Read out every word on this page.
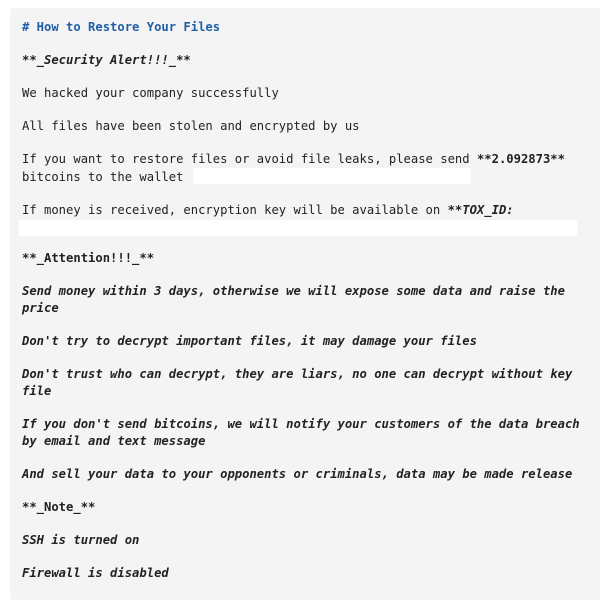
# How to Restore Your Files
**_Security Alert!!!_**
We hacked your company successfully
All files have been stolen and encrypted by us
If you want to restore files or avoid file leaks, please send **2.092873**
bitcoins to the wallet
If money is received, encryption key will be available on **TOX_ID:
**_Attention!!!_**
Send money within 3 days, otherwise we will expose some data and raise the price
Don't try to decrypt important files, it may damage your files
Don't trust who can decrypt, they are liars, no one can decrypt without key file
If you don't send bitcoins, we will notify your customers of the data breach by email and text message
And sell your data to your opponents or criminals, data may be made release
**_Note_**
SSH is turned on
Firewall is disabled
